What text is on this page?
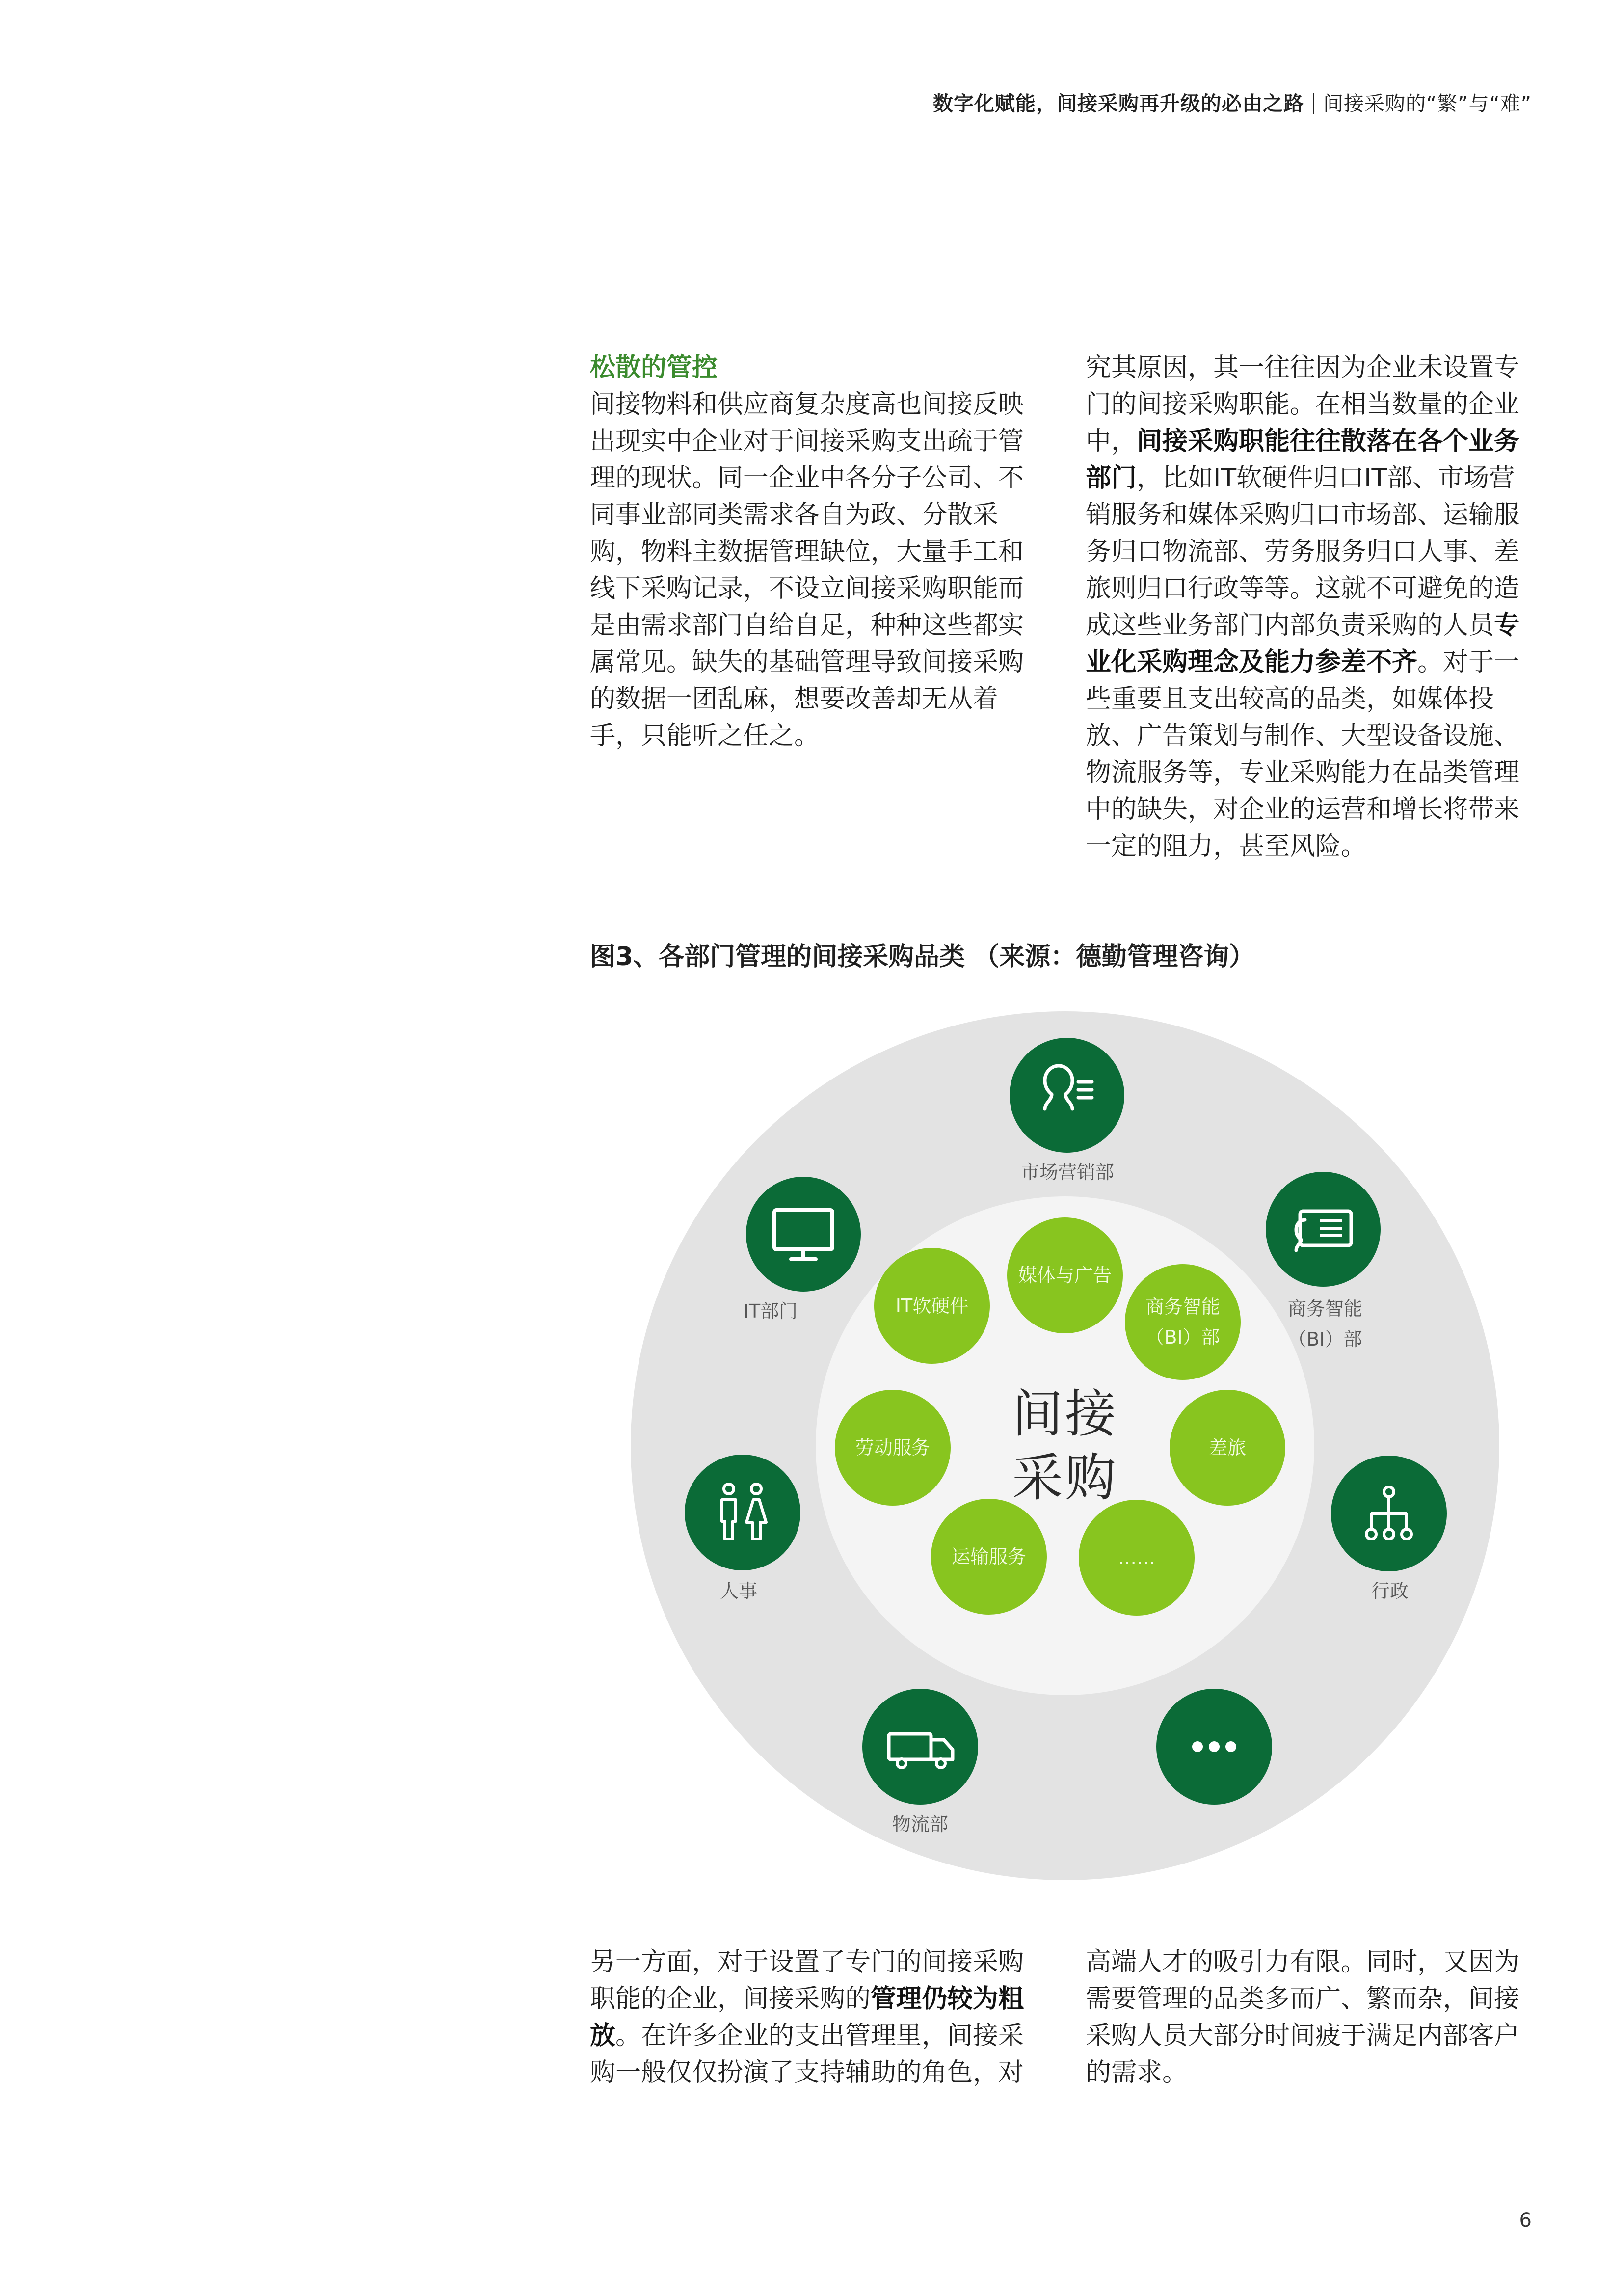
数字化赋能，间接采购再升级的必由之路 间接采购的“繁”与“难”

松散的管控

间接物料和供应商复杂度高也间接反映出现实中企业对于间接采购支出疏于管理的现状。同一企业中各分子公司、不同事业部同类需求各自为政、分散采购，物料主数据管理缺位，大量手工和线下采购记录，不设立间接采购职能而是由需求部门自给自足，种种这些都实属常见。缺失的基础管理导致间接采购的数据一团乱麻，想要改善却无从着手，只能听之任之。

究其原因，其一往往因为企业未设置专门的间接采购职能。在相当数量的企业中，间接采购职能往往散落在各个业务部门，比如IT软硬件归口IT部、市场营销服务和媒体采购归口市场部、运输服务归口物流部、劳务服务归口人事、差旅则归口行政等等。这就不可避免的造成这些业务部门内部负责采购的人员专业化采购理念及能力参差不齐。对于一些重要且支出较高的品类，如媒体投放、广告策划与制作、大型设备设施、物流服务等，专业采购能力在品类管理中的缺失，对企业的运营和增长将带来一定的阻力，甚至风险。

图3、各部门管理的间接采购品类 （来源：德勤管理咨询）
市场营销部
商务智能
（BI）部
行政
物流部
人事
IT部门
媒体与广告
商务智能
（BI）部
差旅
……
运输服务
劳动服务
IT软硬件
间接
采购

另一方面，对于设置了专门的间接采购职能的企业，间接采购的管理仍较为粗放。在许多企业的支出管理里，间接采购一般仅仅扮演了支持辅助的角色，对

高端人才的吸引力有限。同时，又因为需要管理的品类多而广、繁而杂，间接采购人员大部分时间疲于满足内部客户的需求。

6
